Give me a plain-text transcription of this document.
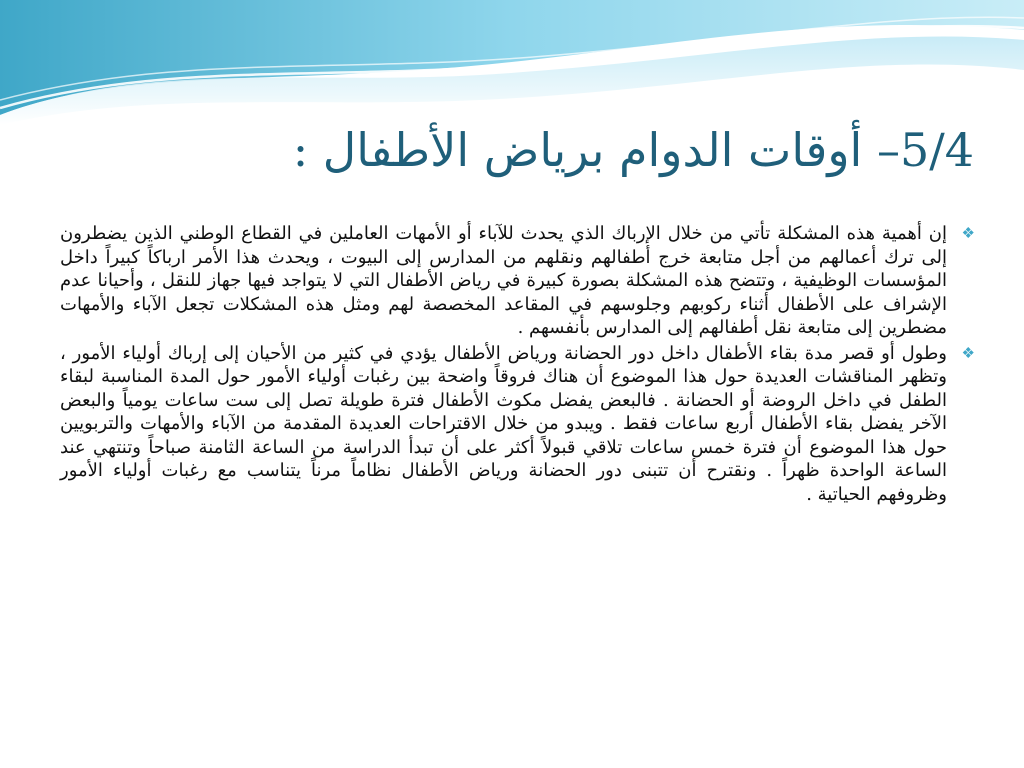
5/4– أوقات الدوام برياض الأطفال :
❖
إن أهمية هذه المشكلة تأتي من خلال الإرباك الذي يحدث للآباء أو الأمهات العاملين في القطاع الوطني الذين يضطرون إلى ترك أعمالهم من أجل متابعة خرج أطفالهم ونقلهم من المدارس إلى البيوت ، ويحدث هذا الأمر ارباكاً كبيراً داخل المؤسسات الوظيفية ، وتتضح هذه المشكلة بصورة كبيرة في رياض الأطفال التي لا يتواجد فيها جهاز للنقل ، وأحيانا عدم الإشراف على الأطفال أثناء ركوبهم وجلوسهم في المقاعد المخصصة لهم ومثل هذه المشكلات تجعل الآباء والأمهات مضطرين إلى متابعة نقل أطفالهم إلى المدارس بأنفسهم .
❖
وطول أو قصر مدة بقاء الأطفال داخل دور الحضانة ورياض الأطفال يؤدي في كثير من الأحيان إلى إرباك أولياء الأمور ، وتظهر المناقشات العديدة حول هذا الموضوع أن هناك فروقاً واضحة بين رغبات أولياء الأمور حول المدة المناسبة لبقاء الطفل في داخل الروضة أو الحضانة . فالبعض يفضل مكوث الأطفال فترة طويلة تصل إلى ست ساعات يومياً والبعض الآخر يفضل بقاء الأطفال أربع ساعات فقط . ويبدو من خلال الاقتراحات العديدة المقدمة من الآباء والأمهات والتربويين حول هذا الموضوع أن فترة خمس ساعات تلاقي قبولاً أكثر على أن تبدأ الدراسة من الساعة الثامنة صباحاً وتنتهي عند الساعة الواحدة ظهراً . ونقترح أن تتبنى دور الحضانة ورياض الأطفال نظاماً مرناً يتناسب مع رغبات أولياء الأمور وظروفهم الحياتية .
